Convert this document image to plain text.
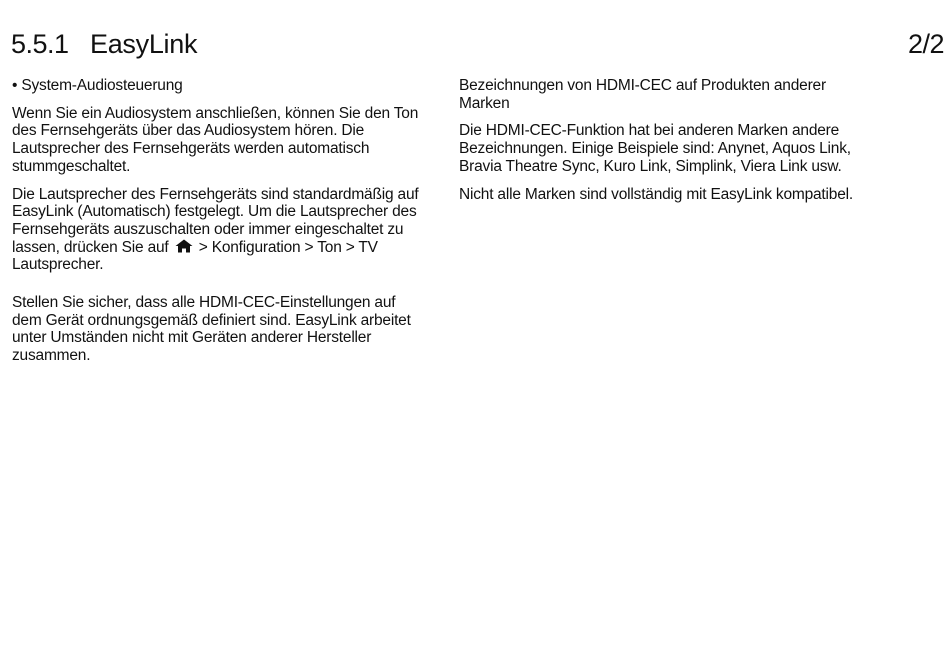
5.5.1 EasyLink	2/2

• System-Audiosteuerung

Wenn Sie ein Audiosystem anschließen, können Sie den Ton des Fernsehgeräts über das Audiosystem hören. Die Lautsprecher des Fernsehgeräts werden automatisch stummgeschaltet.

Die Lautsprecher des Fernsehgeräts sind standardmäßig auf EasyLink (Automatisch) festgelegt. Um die Lautsprecher des Fernsehgeräts auszuschalten oder immer eingeschaltet zu lassen, drücken Sie auf > Konfiguration > Ton > TV Lautsprecher.

Stellen Sie sicher, dass alle HDMI-CEC-Einstellungen auf dem Gerät ordnungsgemäß definiert sind. EasyLink arbeitet unter Umständen nicht mit Geräten anderer Hersteller zusammen.

Bezeichnungen von HDMI-CEC auf Produkten anderer Marken

Die HDMI-CEC-Funktion hat bei anderen Marken andere Bezeichnungen. Einige Beispiele sind: Anynet, Aquos Link, Bravia Theatre Sync, Kuro Link, Simplink, Viera Link usw.

Nicht alle Marken sind vollständig mit EasyLink kompatibel.
